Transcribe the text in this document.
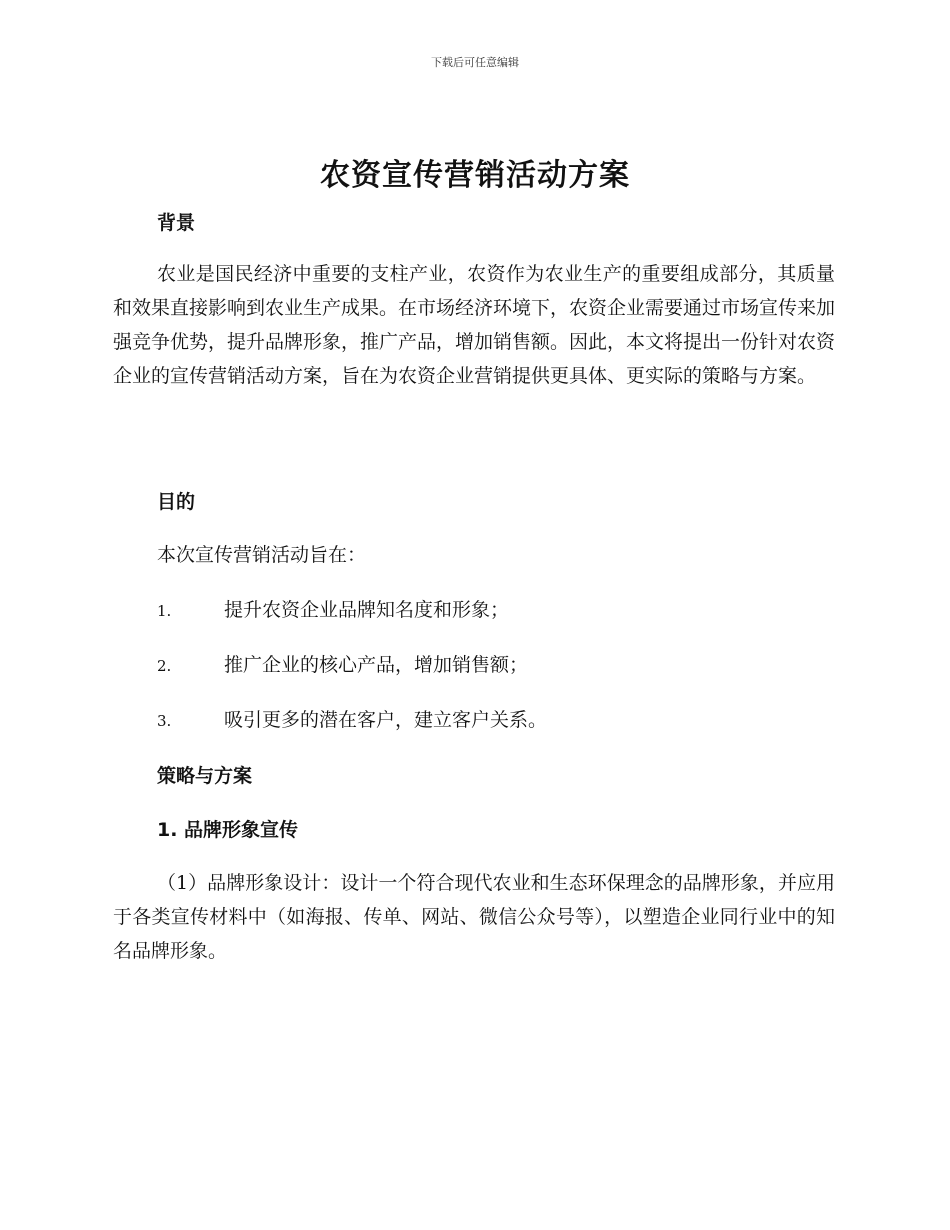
下载后可任意编辑
农资宣传营销活动方案
背景

农业是国民经济中重要的支柱产业，农资作为农业生产的重要组成部分，其质量和效果直接影响到农业生产成果。在市场经济环境下，农资企业需要通过市场宣传来加强竞争优势，提升品牌形象，推广产品，增加销售额。因此，本文将提出一份针对农资企业的宣传营销活动方案，旨在为农资企业营销提供更具体、更实际的策略与方案。

目的

本次宣传营销活动旨在：

1.	提升农资企业品牌知名度和形象；
2.	推广企业的核心产品，增加销售额；
3.	吸引更多的潜在客户，建立客户关系。
策略与方案
1. 品牌形象宣传

（1）品牌形象设计：设计一个符合现代农业和生态环保理念的品牌形象，并应用于各类宣传材料中（如海报、传单、网站、微信公众号等），以塑造企业同行业中的知名品牌形象。
